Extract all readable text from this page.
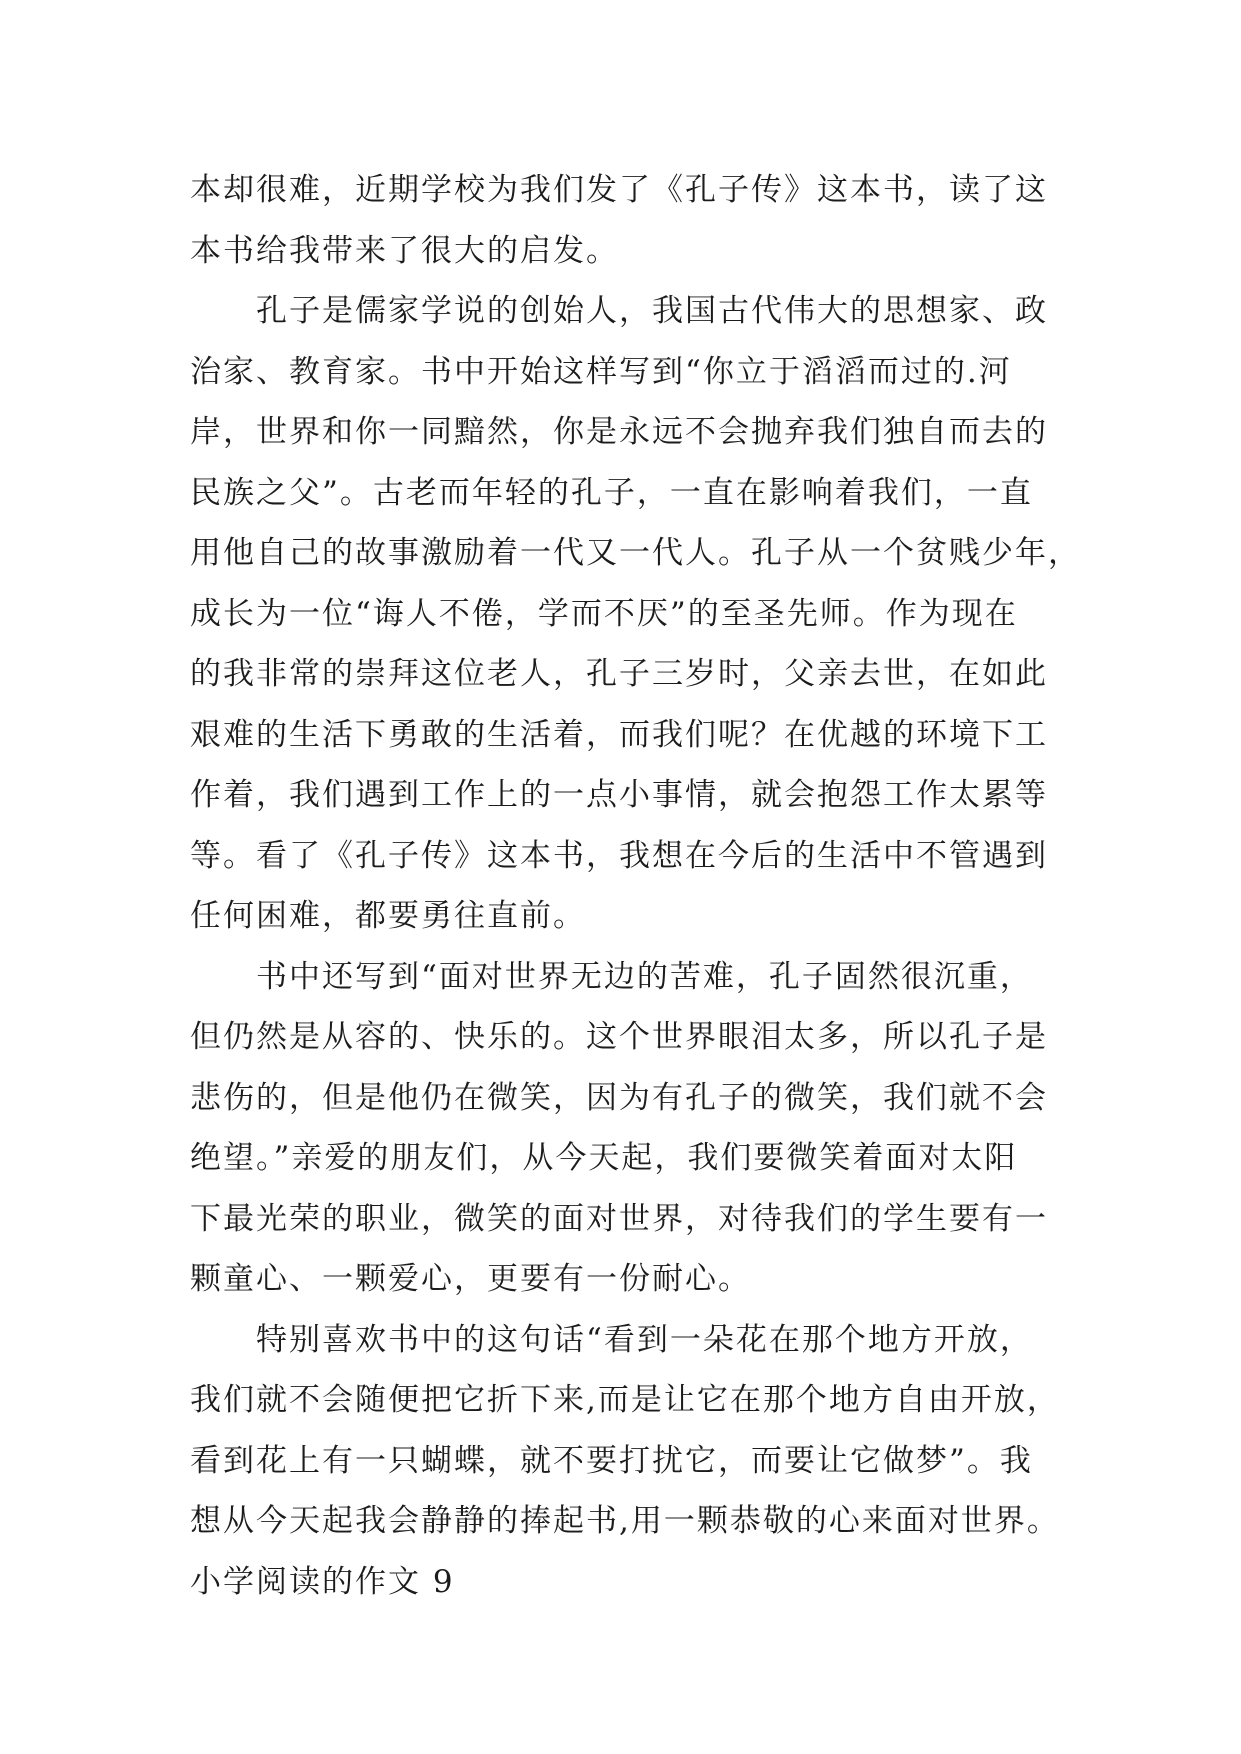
本却很难，近期学校为我们发了《孔子传》这本书，读了这
本书给我带来了很大的启发。
孔子是儒家学说的创始人，我国古代伟大的思想家、政
治家、教育家。书中开始这样写到“你立于滔滔而过的.河
岸，世界和你一同黯然，你是永远不会抛弃我们独自而去的
民族之父”。古老而年轻的孔子，一直在影响着我们，一直
用他自己的故事激励着一代又一代人。孔子从一个贫贱少年，
成长为一位“诲人不倦，学而不厌”的至圣先师。作为现在
的我非常的崇拜这位老人，孔子三岁时，父亲去世，在如此
艰难的生活下勇敢的生活着，而我们呢？在优越的环境下工
作着，我们遇到工作上的一点小事情，就会抱怨工作太累等
等。看了《孔子传》这本书，我想在今后的生活中不管遇到
任何困难，都要勇往直前。
书中还写到“面对世界无边的苦难，孔子固然很沉重，
但仍然是从容的、快乐的。这个世界眼泪太多，所以孔子是
悲伤的，但是他仍在微笑，因为有孔子的微笑，我们就不会
绝望。”亲爱的朋友们，从今天起，我们要微笑着面对太阳
下最光荣的职业，微笑的面对世界，对待我们的学生要有一
颗童心、一颗爱心，更要有一份耐心。
特别喜欢书中的这句话“看到一朵花在那个地方开放，
我们就不会随便把它折下来,而是让它在那个地方自由开放，
看到花上有一只蝴蝶，就不要打扰它，而要让它做梦”。我
想从今天起我会静静的捧起书,用一颗恭敬的心来面对世界。
小学阅读的作文 9
